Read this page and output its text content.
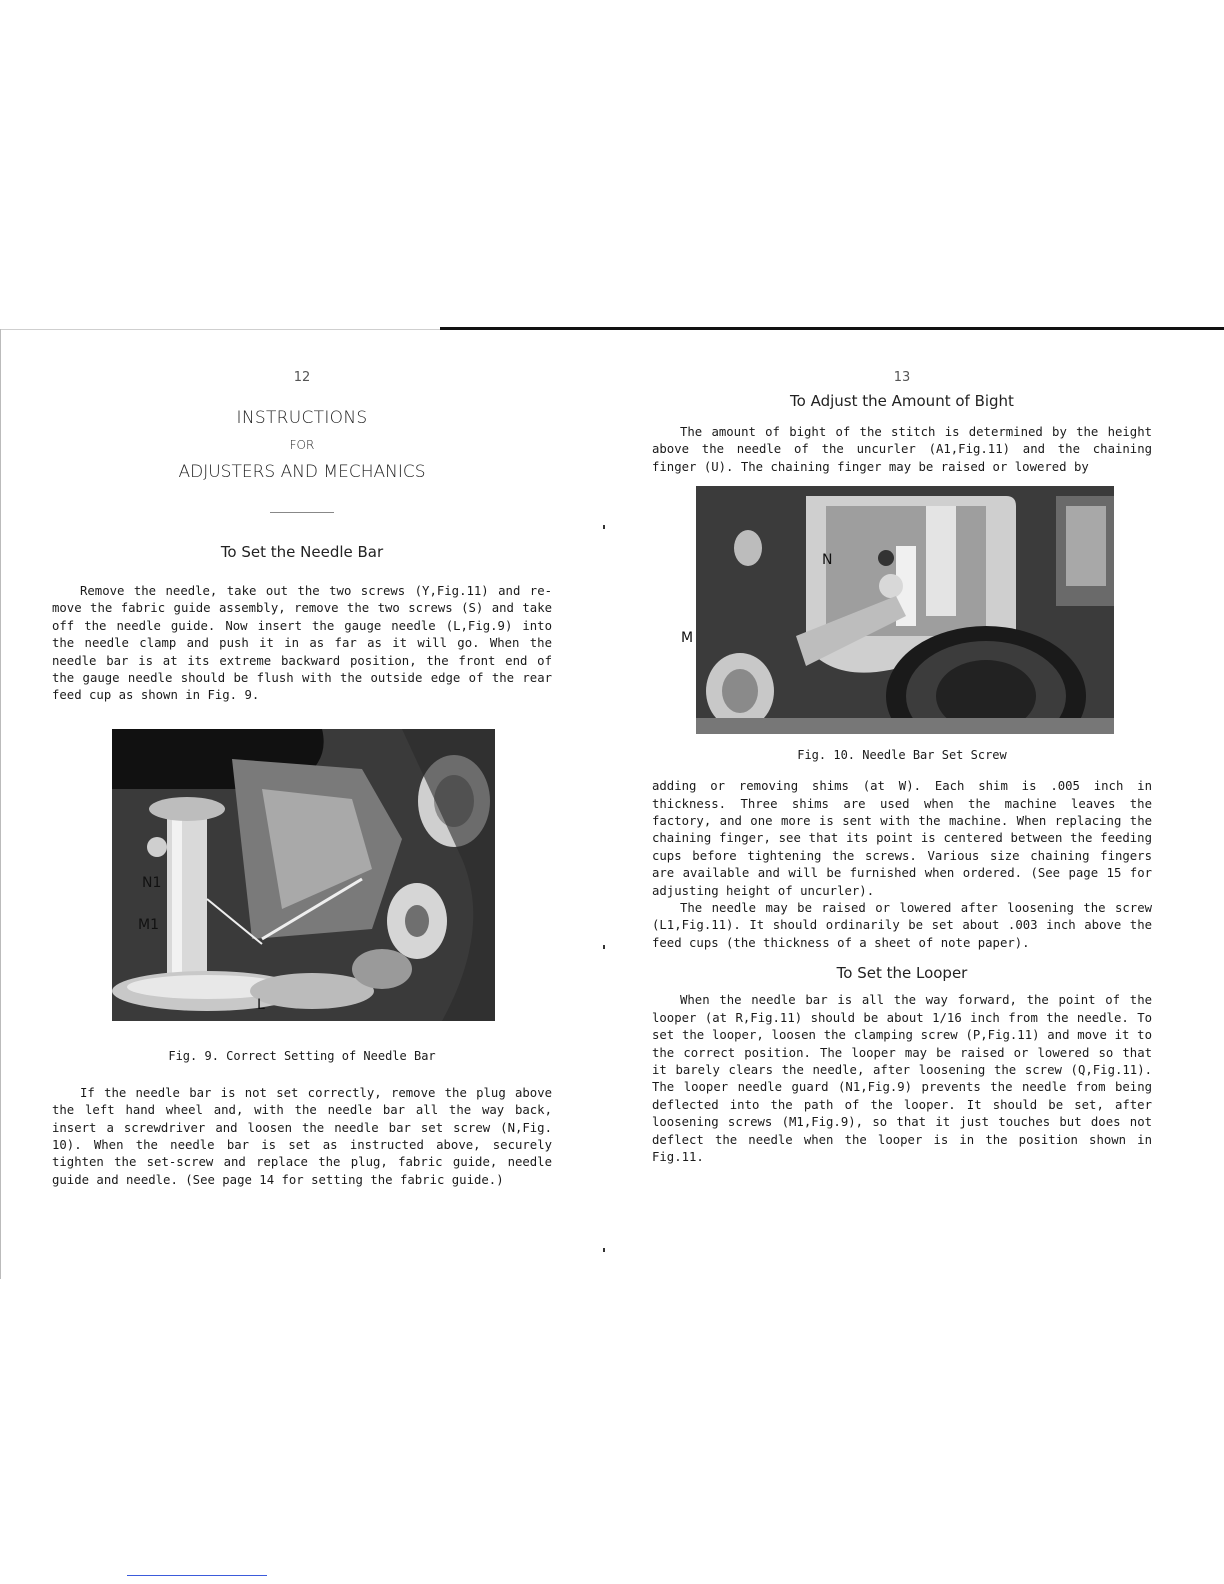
12
INSTRUCTIONS
FOR
ADJUSTERS AND MECHANICS
To Set the Needle Bar

Remove the needle, take out the two screws (Y,Fig.11) and re- move the fabric guide assembly, remove the two screws (S) and take off the needle guide. Now insert the gauge needle (L,Fig.9) into the needle clamp and push it in as far as it will go. When the needle bar is at its extreme backward position, the front end of the gauge needle should be flush with the outside edge of the rear feed cup as shown in Fig. 9.

N1
M1
L
Fig. 9. Correct Setting of Needle Bar

If the needle bar is not set correctly, remove the plug above the left hand wheel and, with the needle bar all the way back, insert a screwdriver and loosen the needle bar set screw (N,Fig. 10). When the needle bar is set as instructed above, securely tighten the set-screw and replace the plug, fabric guide, needle guide and needle. (See page 14 for setting the fabric guide.)

13
To Adjust the Amount of Bight

The amount of bight of the stitch is determined by the height above the needle of the uncurler (A1,Fig.11) and the chaining finger (U). The chaining finger may be raised or lowered by

N
M
Fig. 10. Needle Bar Set Screw

adding or removing shims (at W). Each shim is .005 inch in thickness. Three shims are used when the machine leaves the factory, and one more is sent with the machine. When replacing the chaining finger, see that its point is centered between the feeding cups before tightening the screws. Various size chaining fingers are available and will be furnished when ordered. (See page 15 for adjusting height of uncurler).

The needle may be raised or lowered after loosening the screw (L1,Fig.11). It should ordinarily be set about .003 inch above the feed cups (the thickness of a sheet of note paper).

To Set the Looper

When the needle bar is all the way forward, the point of the looper (at R,Fig.11) should be about 1/16 inch from the needle. To set the looper, loosen the clamping screw (P,Fig.11) and move it to the correct position. The looper may be raised or lowered so that it barely clears the needle, after loosening the screw (Q,Fig.11). The looper needle guard (N1,Fig.9) prevents the needle from being deflected into the path of the looper. It should be set, after loosening screws (M1,Fig.9), so that it just touches but does not deflect the needle when the looper is in the position shown in Fig.11.
